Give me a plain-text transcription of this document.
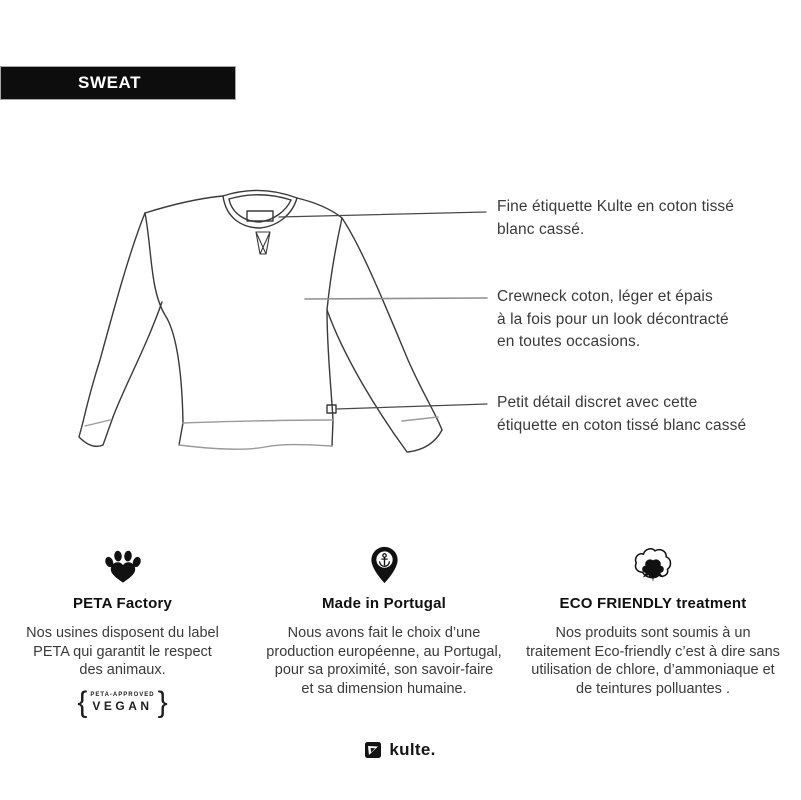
SWEAT
Fine étiquette Kulte en coton tissé
blanc cassé.
Crewneck coton, léger et épais
à la fois pour un look décontracté
en toutes occasions.
Petit détail discret avec cette
étiquette en coton tissé blanc cassé
PETA Factory
Nos usines disposent du label
PETA qui garantit le respect
des animaux.
{ PETA-APPROVED
VEGAN }
Made in Portugal
Nous avons fait le choix d’une
production européenne, au Portugal,
pour sa proximité, son savoir-faire
et sa dimension humaine.
ECO FRIENDLY treatment
Nos produits sont soumis à un
traitement Eco-friendly c’est à dire sans
utilisation de chlore, d’ammoniaque et
de teintures polluantes .
kulte.
